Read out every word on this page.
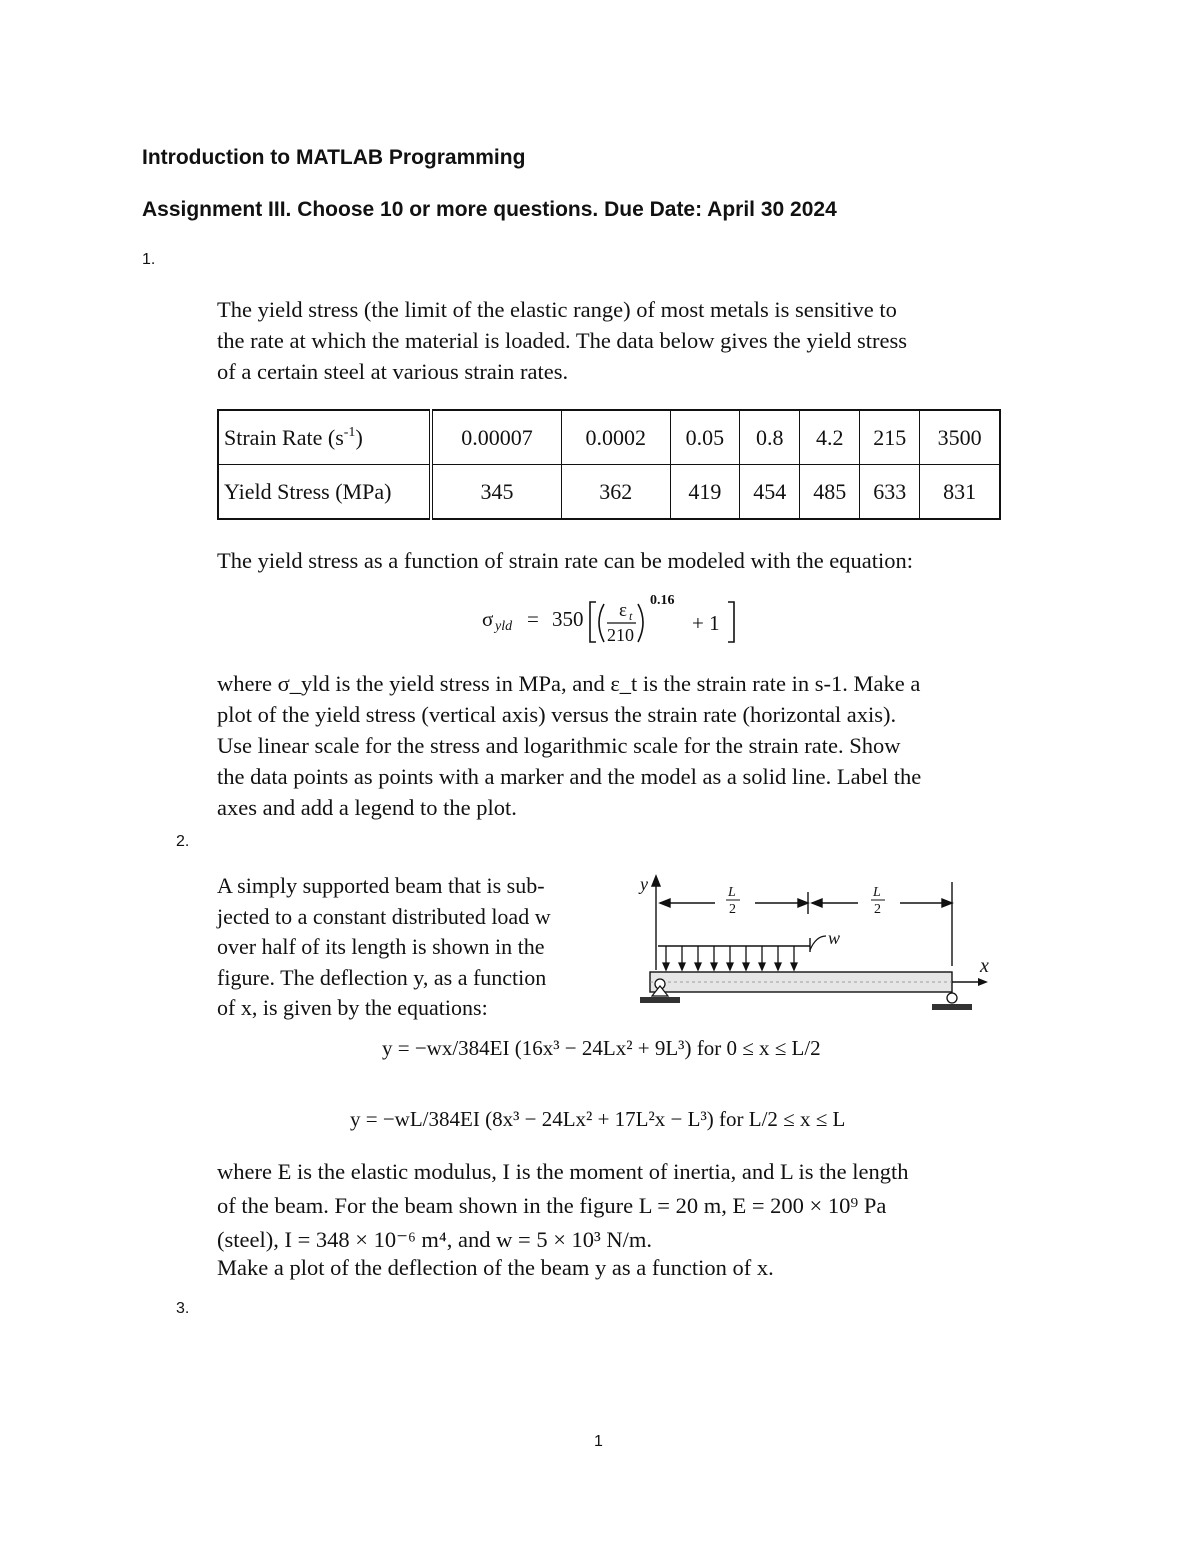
Introduction to MATLAB Programming
Assignment III. Choose 10 or more questions. Due Date: April 30 2024
1.
The yield stress (the limit of the elastic range) of most metals is sensitive to
the rate at which the material is loaded. The data below gives the yield stress
of a certain steel at various strain rates.
Strain Rate $(s^{-1})$	0.00007	0.0002	0.05	0.8	4.2	215	3500
Yield Stress (MPa)	345	362	419	454	485	633	831
The yield stress as a function of strain rate can be modeled with the equation:
σ yld = 350 ε t
210
0.16
+ 1
where σ_yld is the yield stress in MPa, and ε_t is the strain rate in s-1. Make a
plot of the yield stress (vertical axis) versus the strain rate (horizontal axis).
Use linear scale for the stress and logarithmic scale for the strain rate. Show
the data points as points with a marker and the model as a solid line. Label the
axes and add a legend to the plot.
2.
A simply supported beam that is sub-
jected to a constant distributed load w
over half of its length is shown in the
figure. The deflection y, as a function
of x, is given by the equations:
y
x
L
2
L
2
w
y = −wx/384EI (16x³ − 24Lx² + 9L³) for 0 ≤ x ≤ L/2
y = −wL/384EI (8x³ − 24Lx² + 17L²x − L³) for L/2 ≤ x ≤ L
where E is the elastic modulus, I is the moment of inertia, and L is the length
of the beam. For the beam shown in the figure L = 20 m, E = 200 × 10⁹ Pa
(steel), I = 348 × 10⁻⁶ m⁴, and w = 5 × 10³ N/m.
Make a plot of the deflection of the beam y as a function of x.
3.
1
